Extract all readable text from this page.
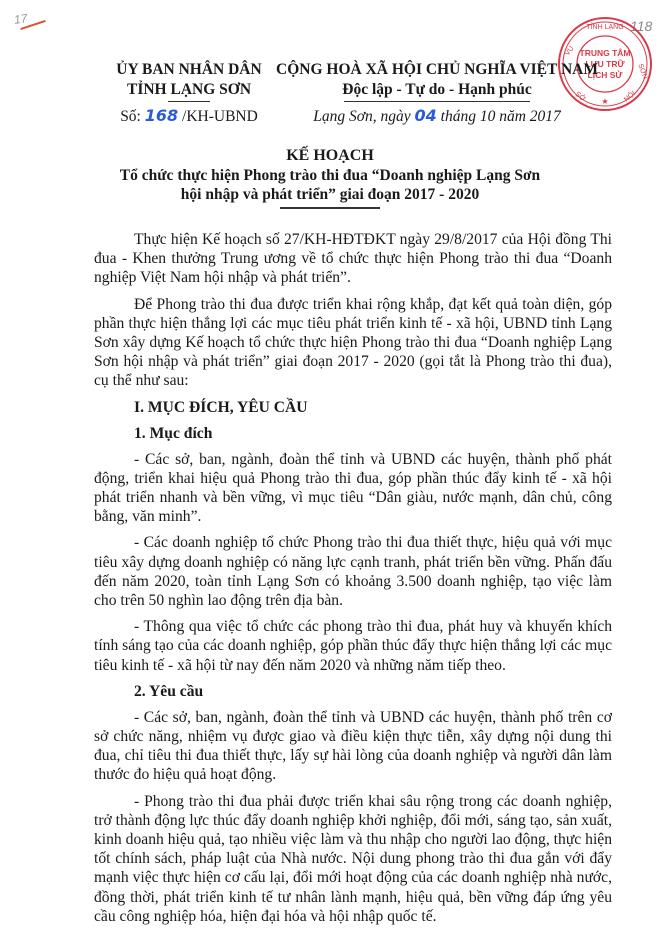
17	118
TỈNH LẠNG
VỤ
SƠN
SỞ	NỘI
TRUNG TÂM
LƯU TRỮ
LỊCH SỬ
★
ỦY BAN NHÂN DÂN
TỈNH LẠNG SƠN
Số: 168 /KH-UBND
CỘNG HOÀ XÃ HỘI CHỦ NGHĨA VIỆT NAM
Độc lập - Tự do - Hạnh phúc
Lạng Sơn, ngày 04 tháng 10 năm 2017
KẾ HOẠCH
Tổ chức thực hiện Phong trào thi đua “Doanh nghiệp Lạng Sơn
hội nhập và phát triển” giai đoạn 2017 - 2020

Thực hiện Kế hoạch số 27/KH-HĐTĐKT ngày 29/8/2017 của Hội đồng Thi đua - Khen thưởng Trung ương về tổ chức thực hiện Phong trào thi đua “Doanh nghiệp Việt Nam hội nhập và phát triển”.

Để Phong trào thi đua được triển khai rộng khắp, đạt kết quả toàn diện, góp phần thực hiện thắng lợi các mục tiêu phát triển kinh tế - xã hội, UBND tỉnh Lạng Sơn xây dựng Kế hoạch tổ chức thực hiện Phong trào thi đua “Doanh nghiệp Lạng Sơn hội nhập và phát triển” giai đoạn 2017 - 2020 (gọi tắt là Phong trào thi đua), cụ thể như sau:

I. MỤC ĐÍCH, YÊU CẦU
1. Mục đích

- Các sở, ban, ngành, đoàn thể tỉnh và UBND các huyện, thành phố phát động, triển khai hiệu quả Phong trào thi đua, góp phần thúc đẩy kinh tế - xã hội phát triển nhanh và bền vững, vì mục tiêu “Dân giàu, nước mạnh, dân chủ, công bằng, văn minh”.

- Các doanh nghiệp tổ chức Phong trào thi đua thiết thực, hiệu quả với mục tiêu xây dựng doanh nghiệp có năng lực cạnh tranh, phát triển bền vững. Phấn đấu đến năm 2020, toàn tỉnh Lạng Sơn có khoảng 3.500 doanh nghiệp, tạo việc làm cho trên 50 nghìn lao động trên địa bàn.

- Thông qua việc tổ chức các phong trào thi đua, phát huy và khuyến khích tính sáng tạo của các doanh nghiệp, góp phần thúc đẩy thực hiện thắng lợi các mục tiêu kinh tế - xã hội từ nay đến năm 2020 và những năm tiếp theo.

2. Yêu cầu

- Các sở, ban, ngành, đoàn thể tỉnh và UBND các huyện, thành phố trên cơ sở chức năng, nhiệm vụ được giao và điều kiện thực tiễn, xây dựng nội dung thi đua, chỉ tiêu thi đua thiết thực, lấy sự hài lòng của doanh nghiệp và người dân làm thước đo hiệu quả hoạt động.

- Phong trào thi đua phải được triển khai sâu rộng trong các doanh nghiệp, trở thành động lực thúc đẩy doanh nghiệp khởi nghiệp, đổi mới, sáng tạo, sản xuất, kinh doanh hiệu quả, tạo nhiều việc làm và thu nhập cho người lao động, thực hiện tốt chính sách, pháp luật của Nhà nước. Nội dung phong trào thi đua gắn với đẩy mạnh việc thực hiện cơ cấu lại, đổi mới hoạt động của các doanh nghiệp nhà nước, đồng thời, phát triển kinh tế tư nhân lành mạnh, hiệu quả, bền vững đáp ứng yêu cầu công nghiệp hóa, hiện đại hóa và hội nhập quốc tế.
